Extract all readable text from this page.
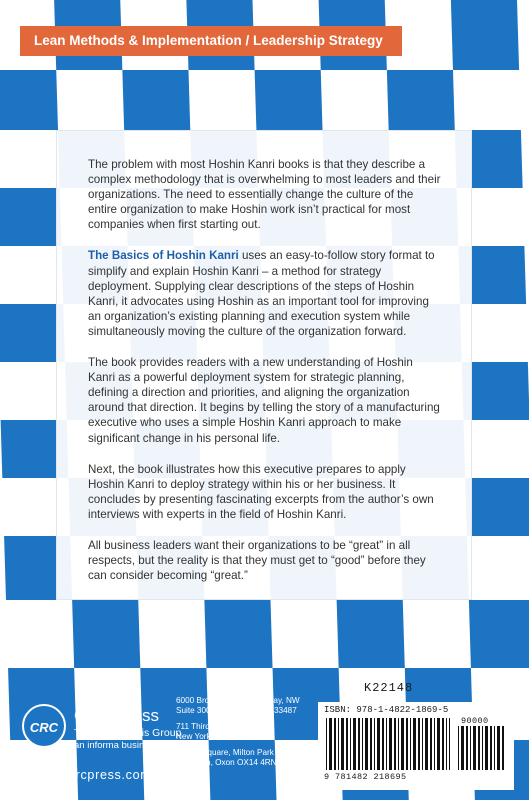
Lean Methods & Implementation / Leadership Strategy

The problem with most Hoshin Kanri books is that they describe a complex methodology that is overwhelming to most leaders and their organizations. The need to essentially change the culture of the entire organization to make Hoshin work isn’t practical for most companies when first starting out.

The Basics of Hoshin Kanri uses an easy-to-follow story format to simplify and explain Hoshin Kanri – a method for strategy deployment. Supplying clear descriptions of the steps of Hoshin Kanri, it advocates using Hoshin as an important tool for improving an organization’s existing planning and execution system while simultaneously moving the culture of the organization forward.

The book provides readers with a new understanding of Hoshin Kanri as a powerful deployment system for strategic planning, defining a direction and priorities, and aligning the organization around that direction. It begins by telling the story of a manufacturing executive who uses a simple Hoshin Kanri approach to make significant change in his personal life.

Next, the book illustrates how this executive prepares to apply Hoshin Kanri to deploy strategy within his or her business. It concludes by presenting fascinating excerpts from the author’s own interviews with experts in the field of Hoshin Kanri.

All business leaders want their organizations to be “great” in all respects, but the reality is that they must get to “good” before they can consider becoming “great.”

CRC
CRC Press
Taylor & Francis Group
an informa business
www.crcpress.com
6000 Broken Sound Parkway, NW
Suite 300, Boca Raton, FL 33487
711 Third Avenue
New York, NY 10017
2 Park Square, Milton Park
Abingdon, Oxon OX14 4RN, UK
K22148
ISBN: 978-1-4822-1869-5
9 781482 218695
90000
